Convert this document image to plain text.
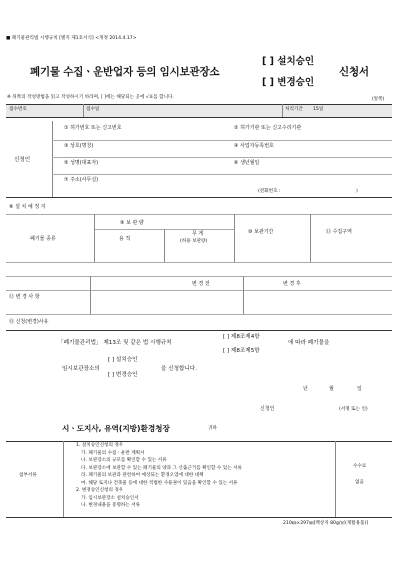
■ 폐기물관리법 시행규칙 [별지 제1호서식] <개정 2014.4.17>
폐기물 수집ㆍ운반업자 등의 임시보관장소
[ ] 설치승인
[ ] 변경승인
신청서
※ 뒤쪽의 작성방법을 읽고 작성하시기 바라며, [ ]에는 해당되는 곳에 √표를 합니다.	(앞쪽)
접수번호	접수일	처리기간 15일
신청인
① 허가번호 또는 신고번호	② 허가기관 또는 신고수리기관
③ 상호(명칭)	④ 사업자등록번호
⑤ 성명(대표자)	⑥ 생년월일
⑦ 주소(사무실)
(전화번호 :	)
⑧ 설 치 예 정 지
⑨ 보 관 량
폐기물 종류	용 적
무 게
(허용 보관량)
⑩ 보관기간	⑪ 수집구역
변 경 전	변 경 후
⑫ 변 경 사 항
⑬ 신청(변경)사유
「폐기물관리법」 제13조 및 같은 법 시행규칙
[ ] 제8조제4항
[ ] 제8조제5항
에 따라 폐기물을
임시보관장소의
[ ] 설치승인
[ ] 변경승인
을 신청합니다.
년	월	일
신청인	(서명 또는 인)
시ㆍ도지사, 유역(지방)환경청장	귀하
첨부서류
1. 설치승인신청의 경우
가. 폐기물의 수집ㆍ운반 계획서
나. 보관장소의 규모를 확인할 수 있는 서류
다. 보관장소에 보관할 수 있는 폐기물의 양과 그 산출근거를 확인할 수 있는 서류
라. 폐기물의 보관과 관련하여 예상되는 환경오염에 대한 대책
마. 해당 토지나 건축물 등에 대한 적법한 사용권이 있음을 확인할 수 있는 서류
2. 변경승인신청의 경우
가. 임시보관장소 설치승인서
나. 변경내용을 증명하는 서류
수수료
없음
210㎜×297㎜[백상지 80g/㎡(재활용품)]
